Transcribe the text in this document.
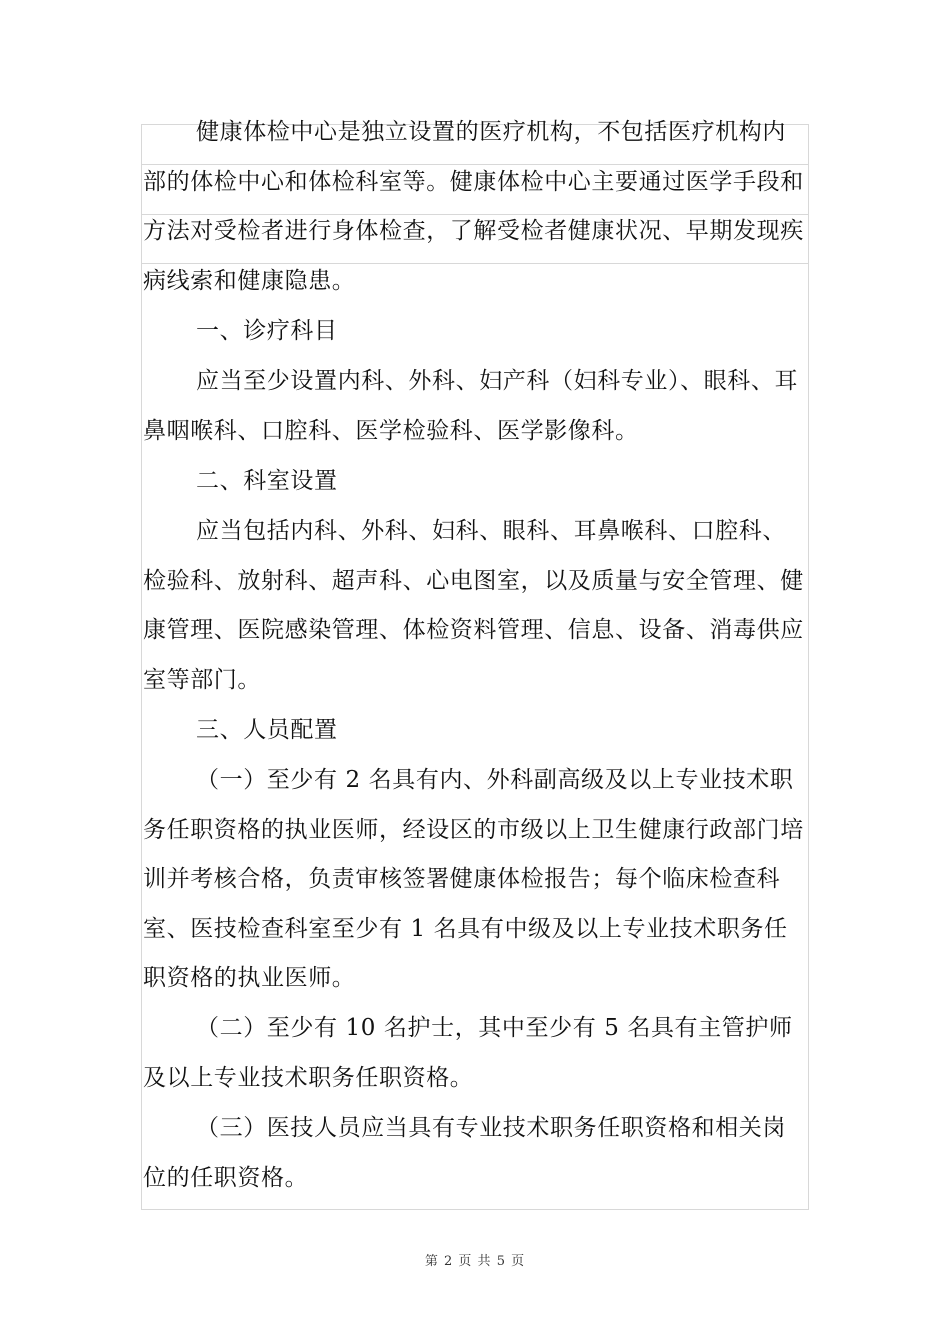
健康体检中心是独立设置的医疗机构，不包括医疗机构内部的体检中心和体检科室等。健康体检中心主要通过医学手段和方法对受检者进行身体检查，了解受检者健康状况、早期发现疾病线索和健康隐患。

一、诊疗科目

应当至少设置内科、外科、妇产科（妇科专业）、眼科、耳鼻咽喉科、口腔科、医学检验科、医学影像科。

二、科室设置

应当包括内科、外科、妇科、眼科、耳鼻喉科、口腔科、检验科、放射科、超声科、心电图室，以及质量与安全管理、健康管理、医院感染管理、体检资料管理、信息、设备、消毒供应室等部门。

三、人员配置

（一）至少有 2 名具有内、外科副高级及以上专业技术职务任职资格的执业医师，经设区的市级以上卫生健康行政部门培训并考核合格，负责审核签署健康体检报告；每个临床检查科室、医技检查科室至少有 1 名具有中级及以上专业技术职务任职资格的执业医师。

（二）至少有 10 名护士，其中至少有 5 名具有主管护师及以上专业技术职务任职资格。

（三）医技人员应当具有专业技术职务任职资格和相关岗位的任职资格。

第 2 页 共 5 页
